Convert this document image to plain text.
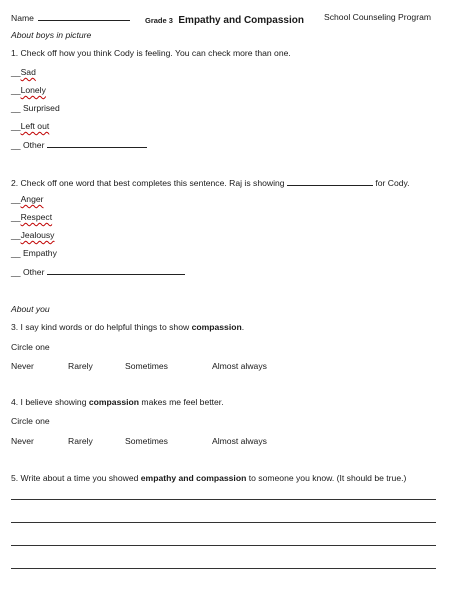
Name	Grade 3 Empathy and Compassion School Counseling Program
About boys in picture
1. Check off how you think Cody is feeling. You can check more than one.
__Sad
__Lonely
__ Surprised
__Left out
__ Other
2. Check off one word that best completes this sentence. Raj is showing	for Cody.
__Anger
__Respect
__Jealousy
__ Empathy
__ Other
About you
3. I say kind words or do helpful things to show compassion.
Circle one
Never	Rarely	Sometimes	Almost always
4. I believe showing compassion makes me feel better.
Circle one
Never	Rarely	Sometimes	Almost always
5. Write about a time you showed empathy and compassion to someone you know. (It should be true.)
